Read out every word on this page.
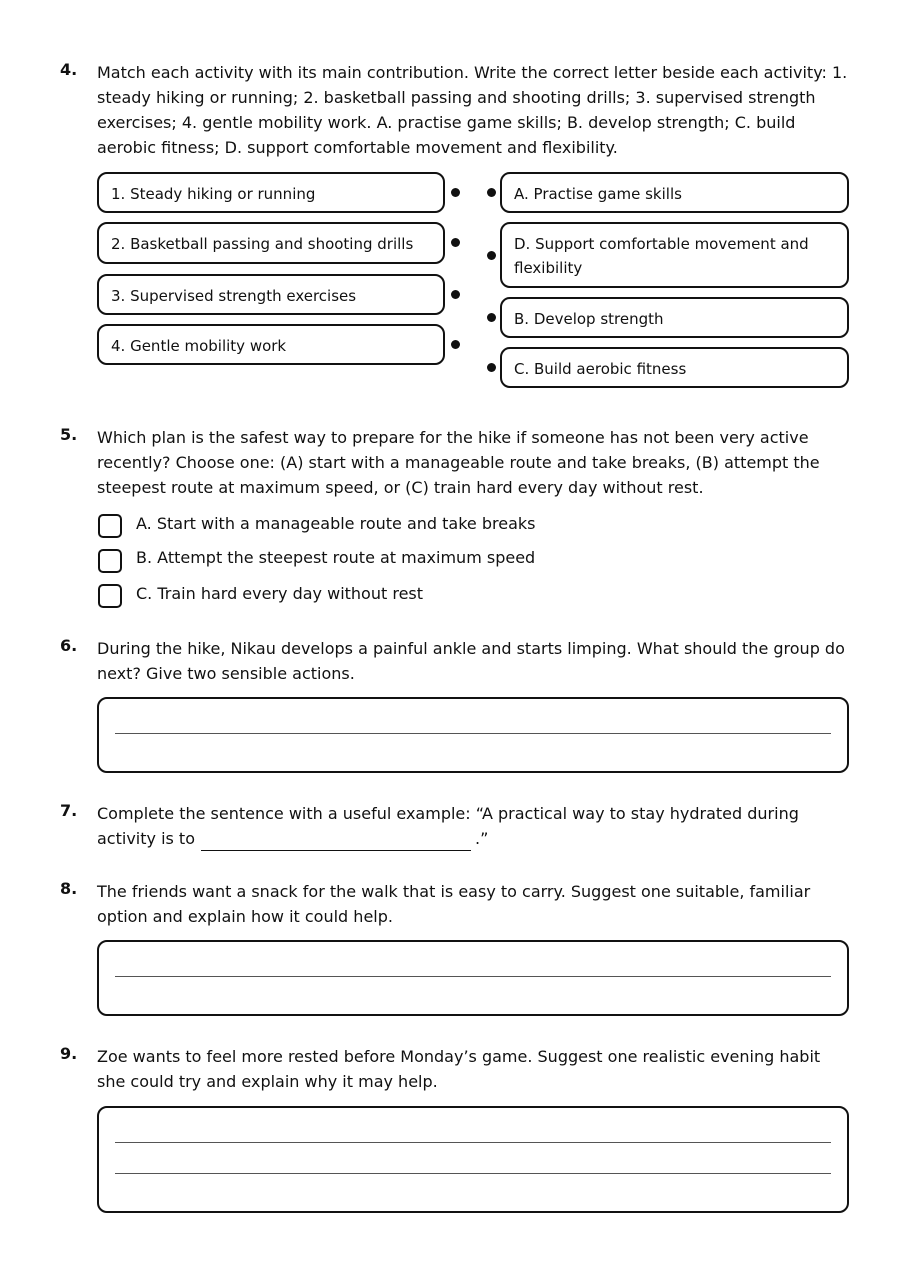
4. Match each activity with its main contribution. Write the correct letter beside each activity: 1. steady hiking or running; 2. basketball passing and shooting drills; 3. supervised strength exercises; 4. gentle mobility work. A. practise game skills; B. develop strength; C. build aerobic fitness; D. support comfortable movement and flexibility.
1. Steady hiking or running
2. Basketball passing and shooting drills
3. Supervised strength exercises
4. Gentle mobility work
A. Practise game skills
D. Support comfortable movement and flexibility
B. Develop strength
C. Build aerobic fitness
5. Which plan is the safest way to prepare for the hike if someone has not been very active recently? Choose one: (A) start with a manageable route and take breaks, (B) attempt the steepest route at maximum speed, or (C) train hard every day without rest.
A. Start with a manageable route and take breaks
B. Attempt the steepest route at maximum speed
C. Train hard every day without rest
6. During the hike, Nikau develops a painful ankle and starts limping. What should the group do next? Give two sensible actions.
7. Complete the sentence with a useful example: “A practical way to stay hydrated during activity is to	.”
8. The friends want a snack for the walk that is easy to carry. Suggest one suitable, familiar option and explain how it could help.
9. Zoe wants to feel more rested before Monday’s game. Suggest one realistic evening habit she could try and explain why it may help.
